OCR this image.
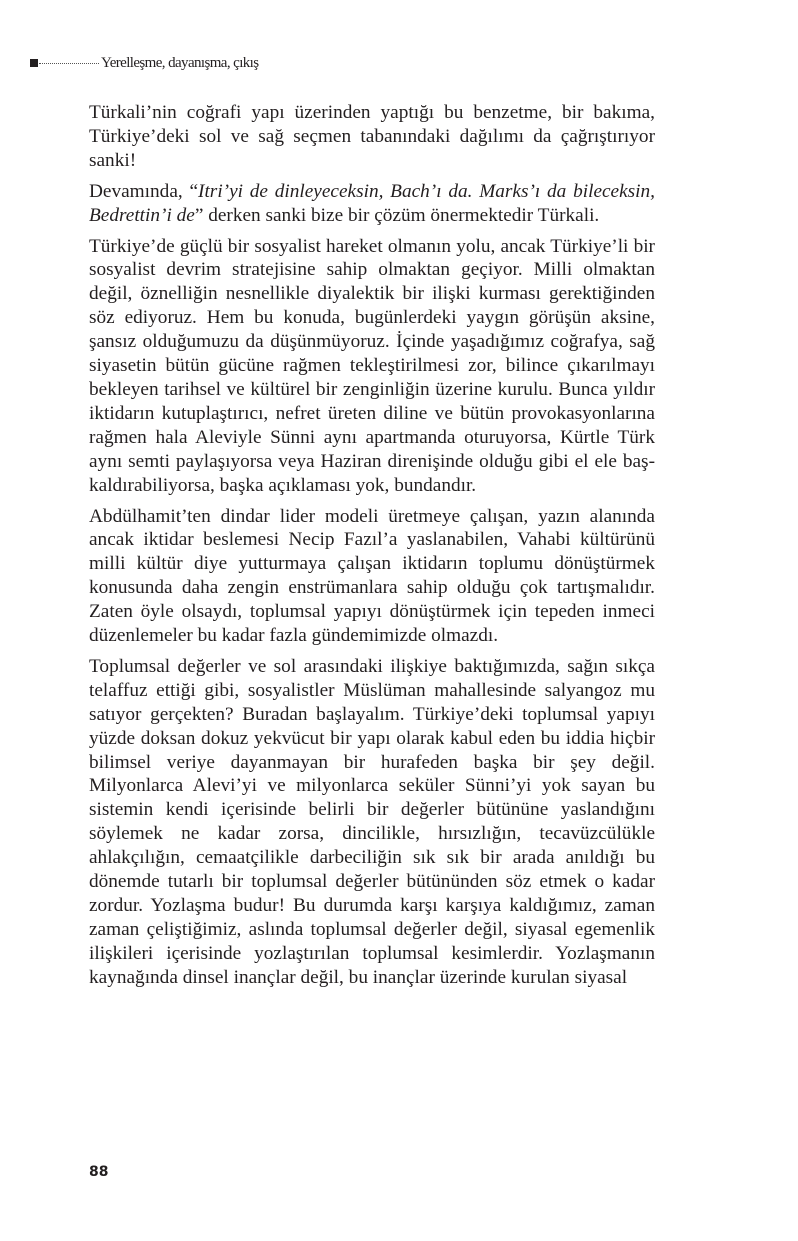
Yerelleşme, dayanışma, çıkış

Türkali’nin coğrafi yapı üzerinden yaptığı bu benzetme, bir bakıma, Türkiye’deki sol ve sağ seçmen tabanındaki dağılımı da çağrıştırıyor sanki!

Devamında, “Itri’yi de dinleyeceksin, Bach’ı da. Marks’ı da bileceksin, Bedrettin’i de” derken sanki bize bir çözüm önermektedir Türkali.

Türkiye’de güçlü bir sosyalist hareket olmanın yolu, ancak Türkiye’li bir sosyalist devrim stratejisine sahip olmaktan geçiyor. Milli olmaktan değil, öznelliğin nesnellikle diyalektik bir ilişki kurması gerektiğinden söz ediyoruz. Hem bu konuda, bugünlerdeki yaygın görüşün aksine, şansız olduğumuzu da düşünmüyoruz. İçinde yaşadığımız coğrafya, sağ siyasetin bütün gücüne rağmen tekleştirilmesi zor, bilince çıkarılmayı bekleyen tarihsel ve kültürel bir zenginliğin üzerine kurulu. Bunca yıldır iktidarın kutuplaştırıcı, nefret üreten diline ve bütün provokasyonlarına rağmen hala Aleviyle Sünni aynı apartmanda oturuyorsa, Kürtle Türk aynı semti paylaşıyorsa veya Haziran direnişinde olduğu gibi el ele başkaldırabiliyorsa, başka açıklaması yok, bundandır.

Abdülhamit’ten dindar lider modeli üretmeye çalışan, yazın alanında ancak iktidar beslemesi Necip Fazıl’a yaslanabilen, Vahabi kültürünü milli kültür diye yutturmaya çalışan iktidarın toplumu dönüştürmek konusunda daha zengin enstrümanlara sahip olduğu çok tartışmalıdır. Zaten öyle olsaydı, toplumsal yapıyı dönüştürmek için tepeden inmeci düzenlemeler bu kadar fazla gündemimizde olmazdı.

Toplumsal değerler ve sol arasındaki ilişkiye baktığımızda, sağın sıkça telaffuz ettiği gibi, sosyalistler Müslüman mahallesinde salyangoz mu satıyor gerçekten? Buradan başlayalım. Türkiye’deki toplumsal yapıyı yüzde doksan dokuz yekvücut bir yapı olarak kabul eden bu iddia hiçbir bilimsel veriye dayanmayan bir hurafeden başka bir şey değil. Milyonlarca Alevi’yi ve milyonlarca seküler Sünni’yi yok sayan bu sistemin kendi içerisinde belirli bir değerler bütününe yaslandığını söylemek ne kadar zorsa, dincilikle, hırsızlığın, tecavüzcülükle ahlakçılığın, cemaatçilikle darbeciliğin sık sık bir arada anıldığı bu dönemde tutarlı bir toplumsal değerler bütününden söz etmek o kadar zordur. Yozlaşma budur! Bu durumda karşı karşıya kaldığımız, zaman zaman çeliştiğimiz, aslında toplumsal değerler değil, siyasal egemenlik ilişkileri içerisinde yozlaştırılan toplumsal kesimlerdir. Yozlaşmanın kaynağında dinsel inançlar değil, bu inançlar üzerinde kurulan siyasal

88
